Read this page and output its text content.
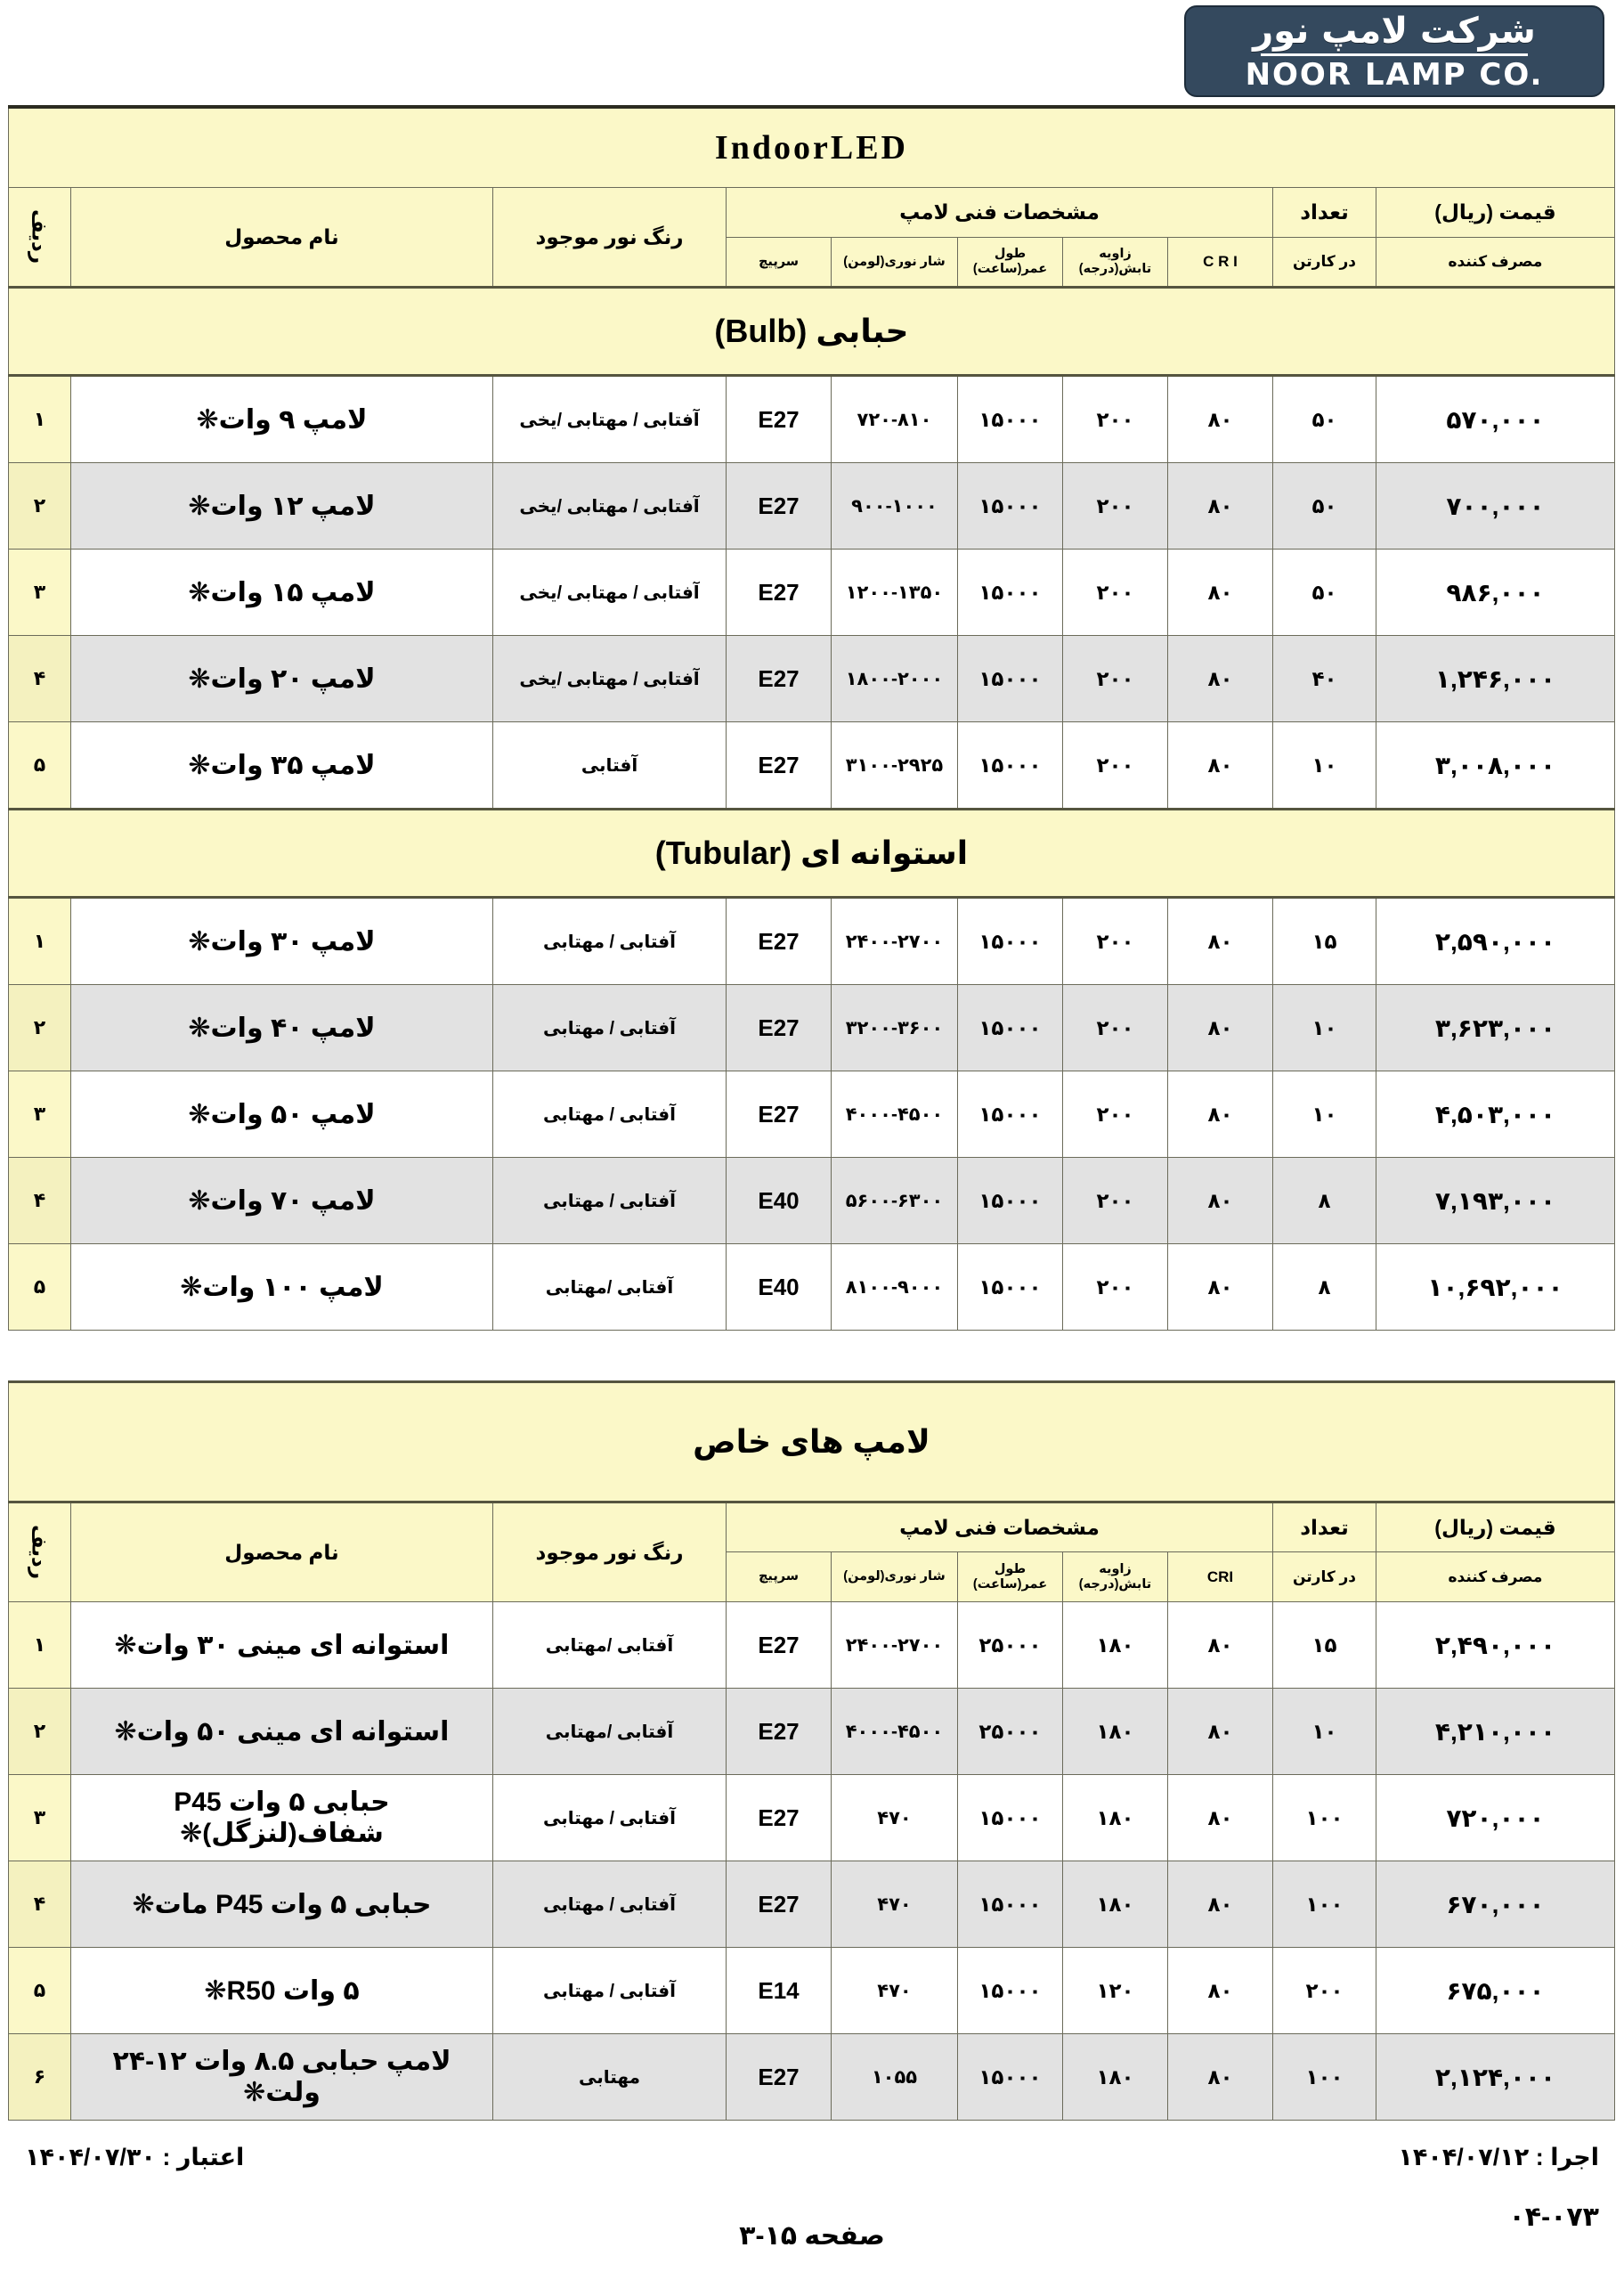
شرکت لامپ نور
NOOR LAMP CO.
IndoorLED									
قیمت (ریال)	تعداد	مشخصات فنی لامپ					رنگ نور موجود	نام محصول	ردیف
مصرف کننده	در کارتن	C R I	زاویه تابش(درجه)	طول عمر(ساعت)	شار نوری(لومن)	سرپیچ			
حبابی (Bulb)									
۵۷۰,۰۰۰	۵۰	۸۰	۲۰۰	۱۵۰۰۰	۷۲۰-۸۱۰	E27	آفتابی / مهتابی /یخی	لامپ ۹ وات❋	۱
۷۰۰,۰۰۰	۵۰	۸۰	۲۰۰	۱۵۰۰۰	۹۰۰-۱۰۰۰	E27	آفتابی / مهتابی /یخی	لامپ ۱۲ وات❋	۲
۹۸۶,۰۰۰	۵۰	۸۰	۲۰۰	۱۵۰۰۰	۱۲۰۰-۱۳۵۰	E27	آفتابی / مهتابی /یخی	لامپ ۱۵ وات❋	۳
۱,۲۴۶,۰۰۰	۴۰	۸۰	۲۰۰	۱۵۰۰۰	۱۸۰۰-۲۰۰۰	E27	آفتابی / مهتابی /یخی	لامپ ۲۰ وات❋	۴
۳,۰۰۸,۰۰۰	۱۰	۸۰	۲۰۰	۱۵۰۰۰	۳۱۰۰-۲۹۲۵	E27	آفتابی	لامپ ۳۵ وات❋	۵
استوانه ای (Tubular)									
۲,۵۹۰,۰۰۰	۱۵	۸۰	۲۰۰	۱۵۰۰۰	۲۴۰۰-۲۷۰۰	E27	آفتابی / مهتابی	لامپ ۳۰ وات❋	۱
۳,۶۲۳,۰۰۰	۱۰	۸۰	۲۰۰	۱۵۰۰۰	۳۲۰۰-۳۶۰۰	E27	آفتابی / مهتابی	لامپ ۴۰ وات❋	۲
۴,۵۰۳,۰۰۰	۱۰	۸۰	۲۰۰	۱۵۰۰۰	۴۰۰۰-۴۵۰۰	E27	آفتابی / مهتابی	لامپ ۵۰ وات❋	۳
۷,۱۹۳,۰۰۰	۸	۸۰	۲۰۰	۱۵۰۰۰	۵۶۰۰-۶۳۰۰	E40	آفتابی / مهتابی	لامپ ۷۰ وات❋	۴
۱۰,۶۹۲,۰۰۰	۸	۸۰	۲۰۰	۱۵۰۰۰	۸۱۰۰-۹۰۰۰	E40	آفتابی /مهتابی	لامپ ۱۰۰ وات❋	۵
لامپ های خاص									
قیمت (ریال)	تعداد	مشخصات فنی لامپ					رنگ نور موجود	نام محصول	ردیف
مصرف کننده	در کارتن	CRI	زاویه تابش(درجه)	طول عمر(ساعت)	شار نوری(لومن)	سرپیچ			
۲,۴۹۰,۰۰۰	۱۵	۸۰	۱۸۰	۲۵۰۰۰	۲۴۰۰-۲۷۰۰	E27	آفتابی /مهتابی	استوانه ای مینی ۳۰ وات❋	۱
۴,۲۱۰,۰۰۰	۱۰	۸۰	۱۸۰	۲۵۰۰۰	۴۰۰۰-۴۵۰۰	E27	آفتابی /مهتابی	استوانه ای مینی ۵۰ وات❋	۲
۷۲۰,۰۰۰	۱۰۰	۸۰	۱۸۰	۱۵۰۰۰	۴۷۰	E27	آفتابی / مهتابی	حبابی ۵ وات P45 شفاف(لنزگل)❋	۳
۶۷۰,۰۰۰	۱۰۰	۸۰	۱۸۰	۱۵۰۰۰	۴۷۰	E27	آفتابی / مهتابی	حبابی ۵ وات P45 مات❋	۴
۶۷۵,۰۰۰	۲۰۰	۸۰	۱۲۰	۱۵۰۰۰	۴۷۰	E14	آفتابی / مهتابی	۵ وات R50❋	۵
۲,۱۲۴,۰۰۰	۱۰۰	۸۰	۱۸۰	۱۵۰۰۰	۱۰۵۵	E27	مهتابی	لامپ حبابی ۸.۵ وات ۱۲-۲۴ ولت❋	۶
اجرا : ۱۴۰۴/۰۷/۱۲
اعتبار : ۱۴۰۴/۰۷/۳۰
۰۴-۰۷۳
صفحه ۱۵-۳
